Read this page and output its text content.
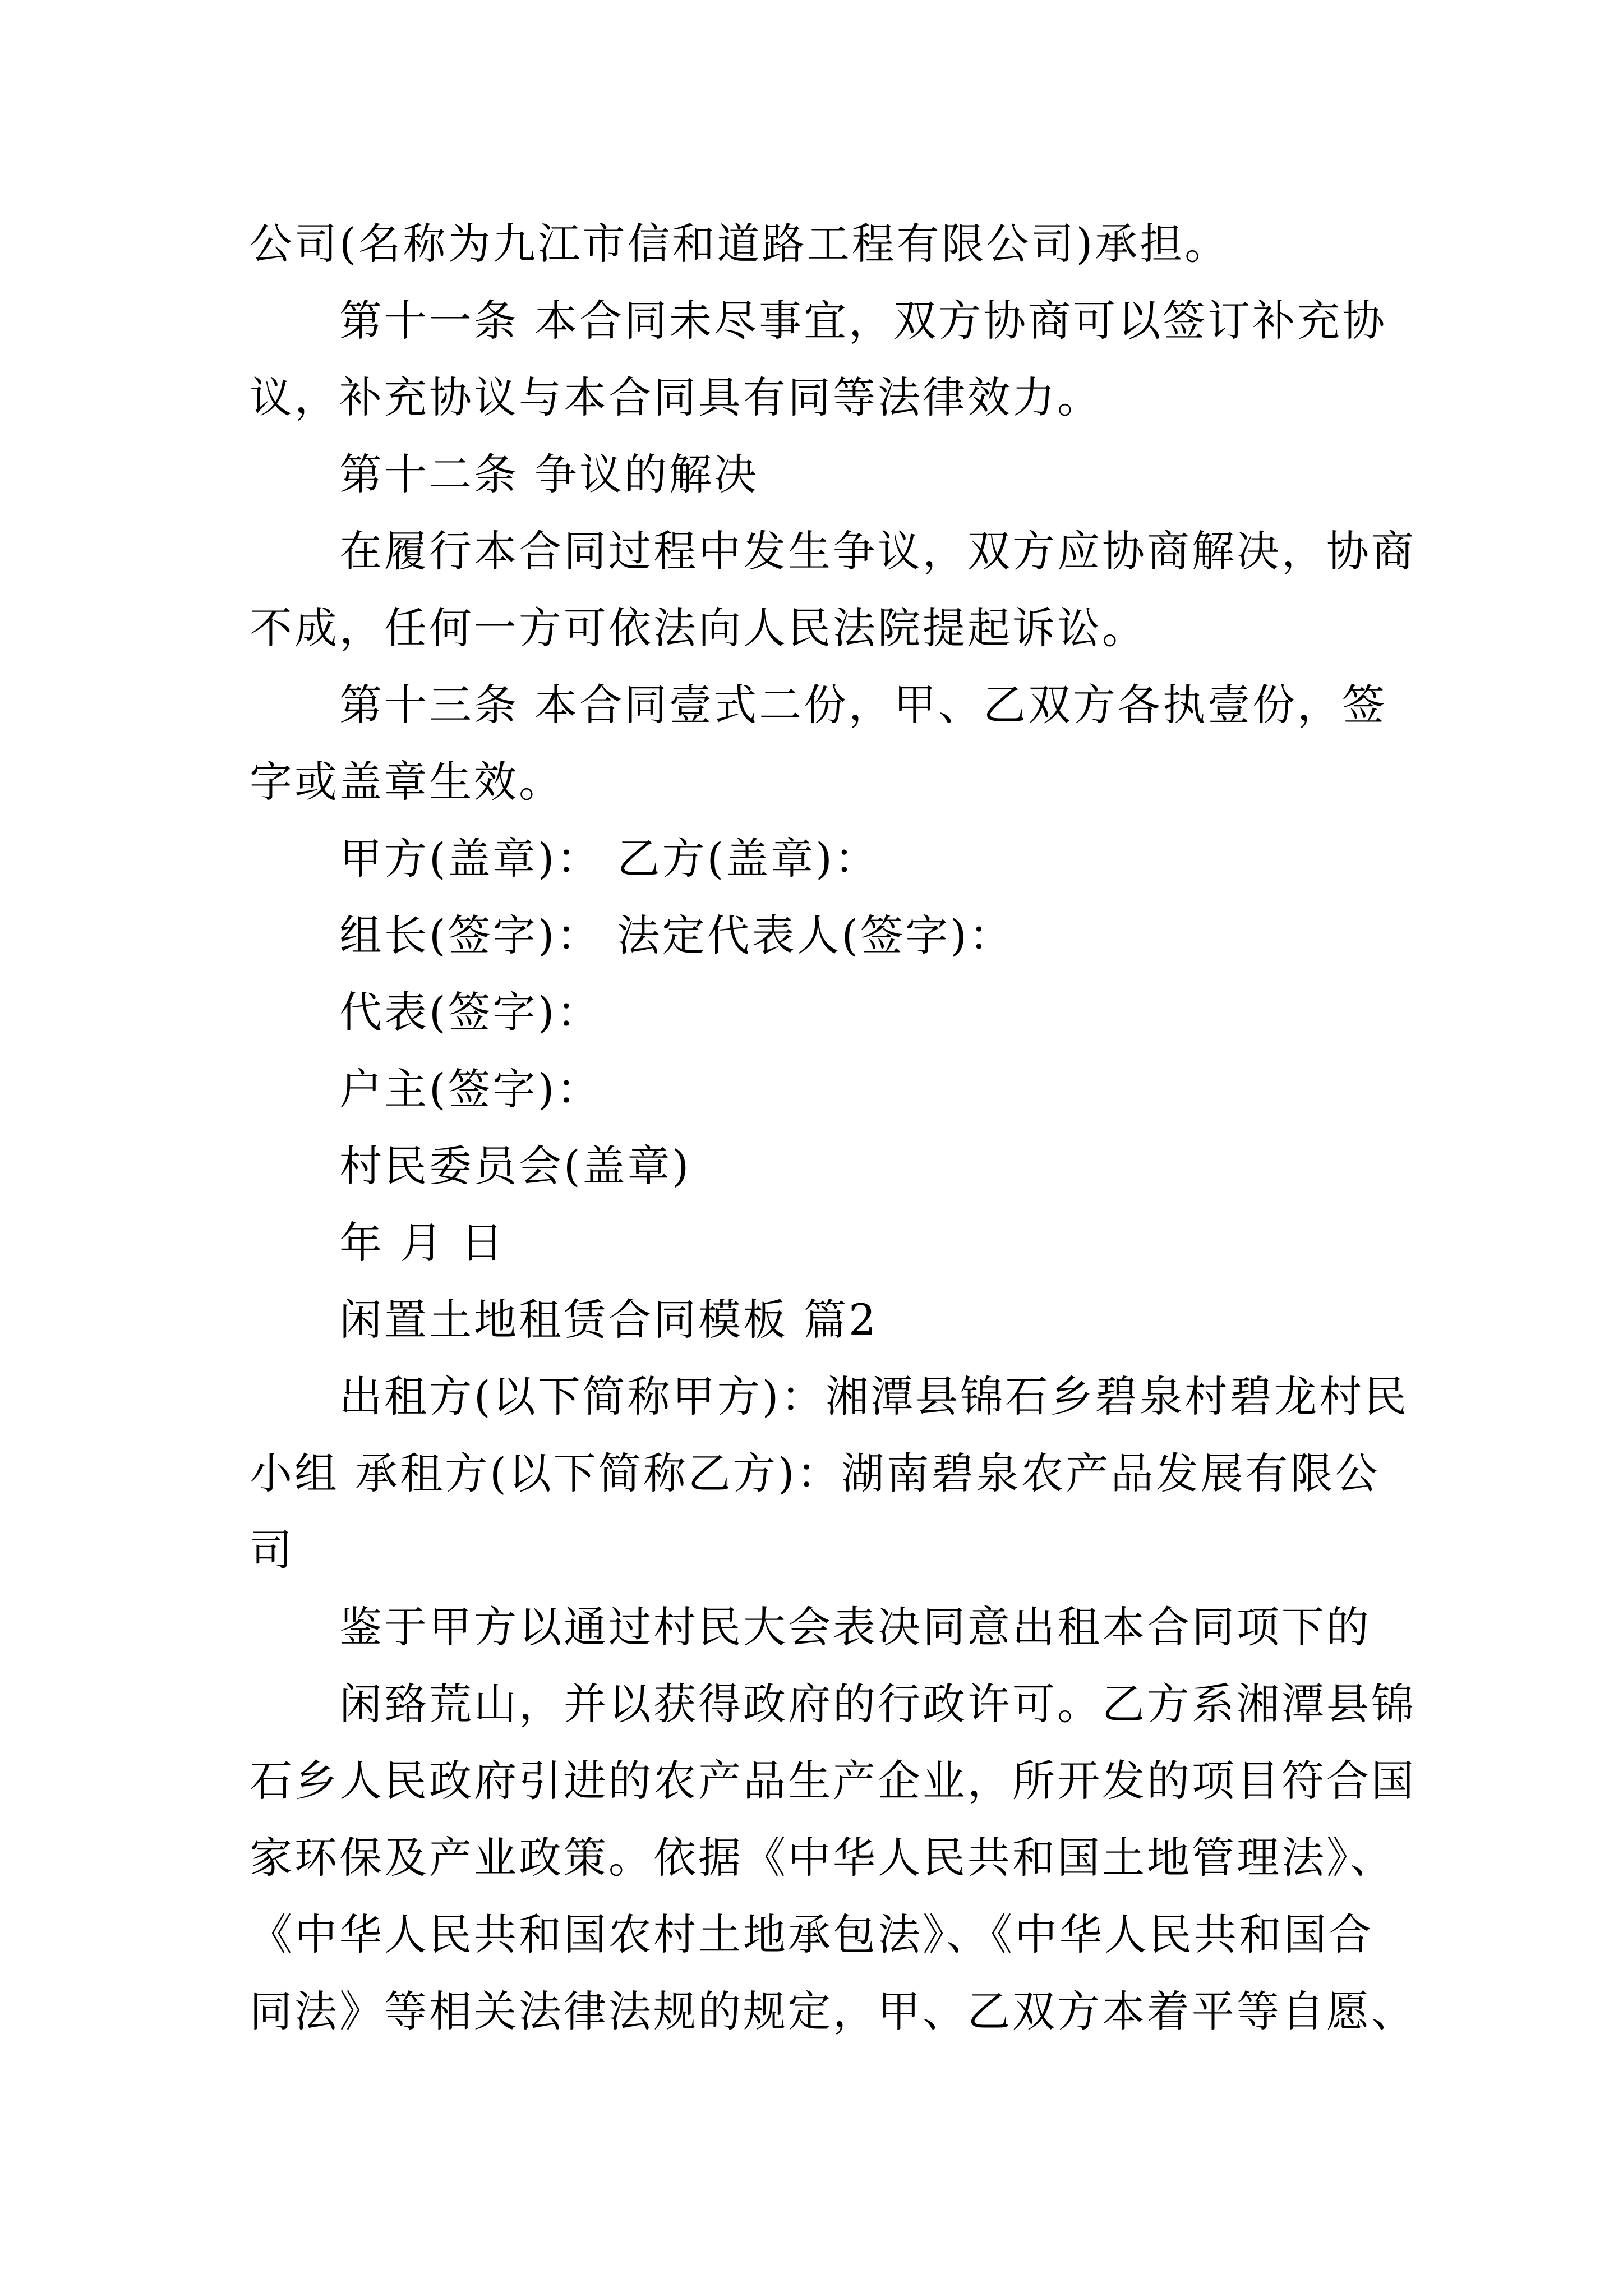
公司(名称为九江市信和道路工程有限公司)承担。
第十一条 本合同未尽事宜，双方协商可以签订补充协
议，补充协议与本合同具有同等法律效力。
第十二条 争议的解决
在履行本合同过程中发生争议，双方应协商解决，协商
不成，任何一方可依法向人民法院提起诉讼。
第十三条 本合同壹式二份，甲、乙双方各执壹份，签
字或盖章生效。
甲方(盖章)： 乙方(盖章)：
组长(签字)： 法定代表人(签字)：
代表(签字)：
户主(签字)：
村民委员会(盖章)
年 月 日
闲置土地租赁合同模板 篇2
出租方(以下简称甲方)：湘潭县锦石乡碧泉村碧龙村民
小组 承租方(以下简称乙方)：湖南碧泉农产品发展有限公
司
鉴于甲方以通过村民大会表决同意出租本合同项下的
闲臵荒山，并以获得政府的行政许可。乙方系湘潭县锦
石乡人民政府引进的农产品生产企业，所开发的项目符合国
家环保及产业政策。依据《中华人民共和国土地管理法》、
《中华人民共和国农村土地承包法》、《中华人民共和国合
同法》等相关法律法规的规定，甲、乙双方本着平等自愿、
